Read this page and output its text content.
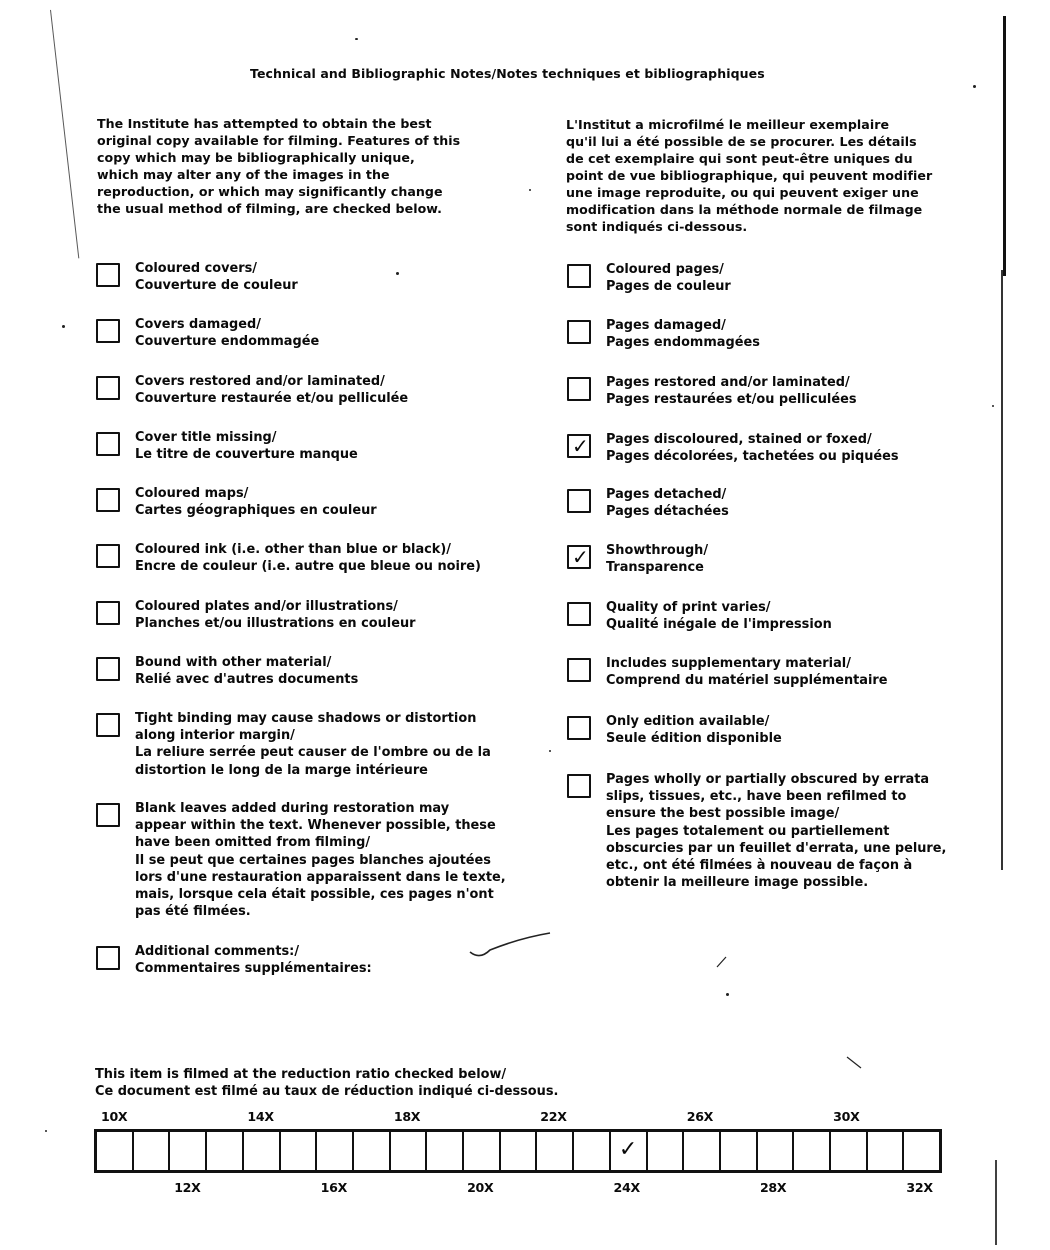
Technical and Bibliographic Notes/Notes techniques et bibliographiques
The Institute has attempted to obtain the best
original copy available for filming. Features of this
copy which may be bibliographically unique,
which may alter any of the images in the
reproduction, or which may significantly change
the usual method of filming, are checked below.
L'Institut a microfilmé le meilleur exemplaire
qu'il lui a été possible de se procurer. Les détails
de cet exemplaire qui sont peut-être uniques du
point de vue bibliographique, qui peuvent modifier
une image reproduite, ou qui peuvent exiger une
modification dans la méthode normale de filmage
sont indiqués ci-dessous.
Coloured covers/
Couverture de couleur
Covers damaged/
Couverture endommagée
Covers restored and/or laminated/
Couverture restaurée et/ou pelliculée
Cover title missing/
Le titre de couverture manque
Coloured maps/
Cartes géographiques en couleur
Coloured ink (i.e. other than blue or black)/
Encre de couleur (i.e. autre que bleue ou noire)
Coloured plates and/or illustrations/
Planches et/ou illustrations en couleur
Bound with other material/
Relié avec d'autres documents
Tight binding may cause shadows or distortion
along interior margin/
La reliure serrée peut causer de l'ombre ou de la
distortion le long de la marge intérieure
Blank leaves added during restoration may
appear within the text. Whenever possible, these
have been omitted from filming/
Il se peut que certaines pages blanches ajoutées
lors d'une restauration apparaissent dans le texte,
mais, lorsque cela était possible, ces pages n'ont
pas été filmées.
Additional comments:/
Commentaires supplémentaires:
Coloured pages/
Pages de couleur
Pages damaged/
Pages endommagées
Pages restored and/or laminated/
Pages restaurées et/ou pelliculées
✓ Pages discoloured, stained or foxed/
Pages décolorées, tachetées ou piquées
Pages detached/
Pages détachées
✓ Showthrough/
Transparence
Quality of print varies/
Qualité inégale de l'impression
Includes supplementary material/
Comprend du matériel supplémentaire
Only edition available/
Seule édition disponible
Pages wholly or partially obscured by errata
slips, tissues, etc., have been refilmed to
ensure the best possible image/
Les pages totalement ou partiellement
obscurcies par un feuillet d'errata, une pelure,
etc., ont été filmées à nouveau de façon à
obtenir la meilleure image possible.
This item is filmed at the reduction ratio checked below/
Ce document est filmé au taux de réduction indiqué ci-dessous.
✓
10X	14X	18X	22X	26X	30X
12X	16X	20X	24X	28X	32X
